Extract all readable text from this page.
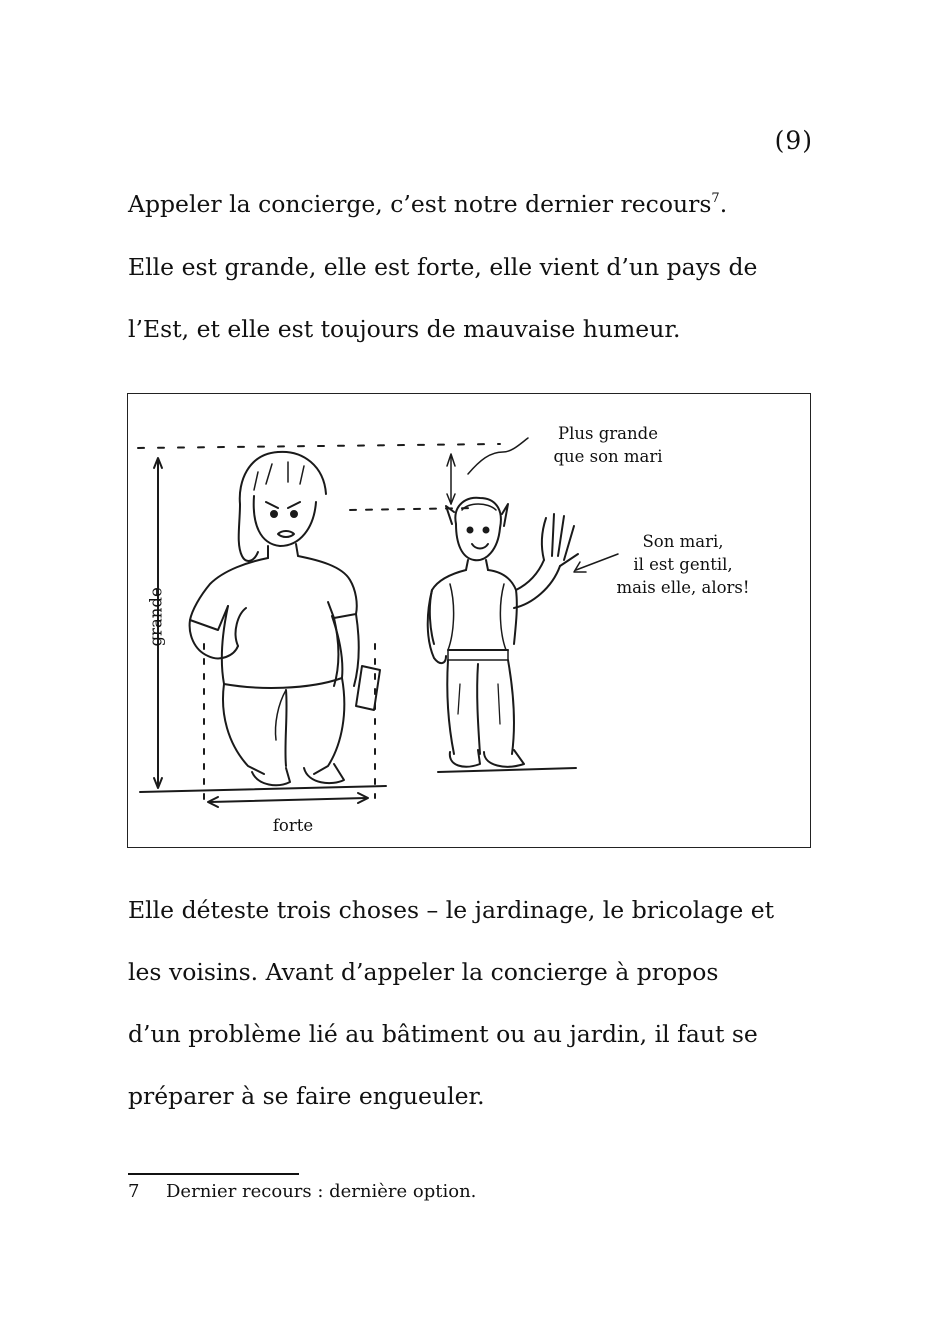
(9)
Appeler la concierge, c’est notre dernier recours$^7$.
Elle est grande, elle est forte, elle vient d’un pays de
l’Est, et elle est toujours de mauvaise humeur.
Plus grande
que son mari
Son mari,
il est gentil,
mais elle, alors!
forte
grande
Elle déteste trois choses – le jardinage, le bricolage et
les voisins. Avant d’appeler la concierge à propos
d’un problème lié au bâtiment ou au jardin, il faut se
préparer à se faire engueuler.
7 Dernier recours : dernière option.
